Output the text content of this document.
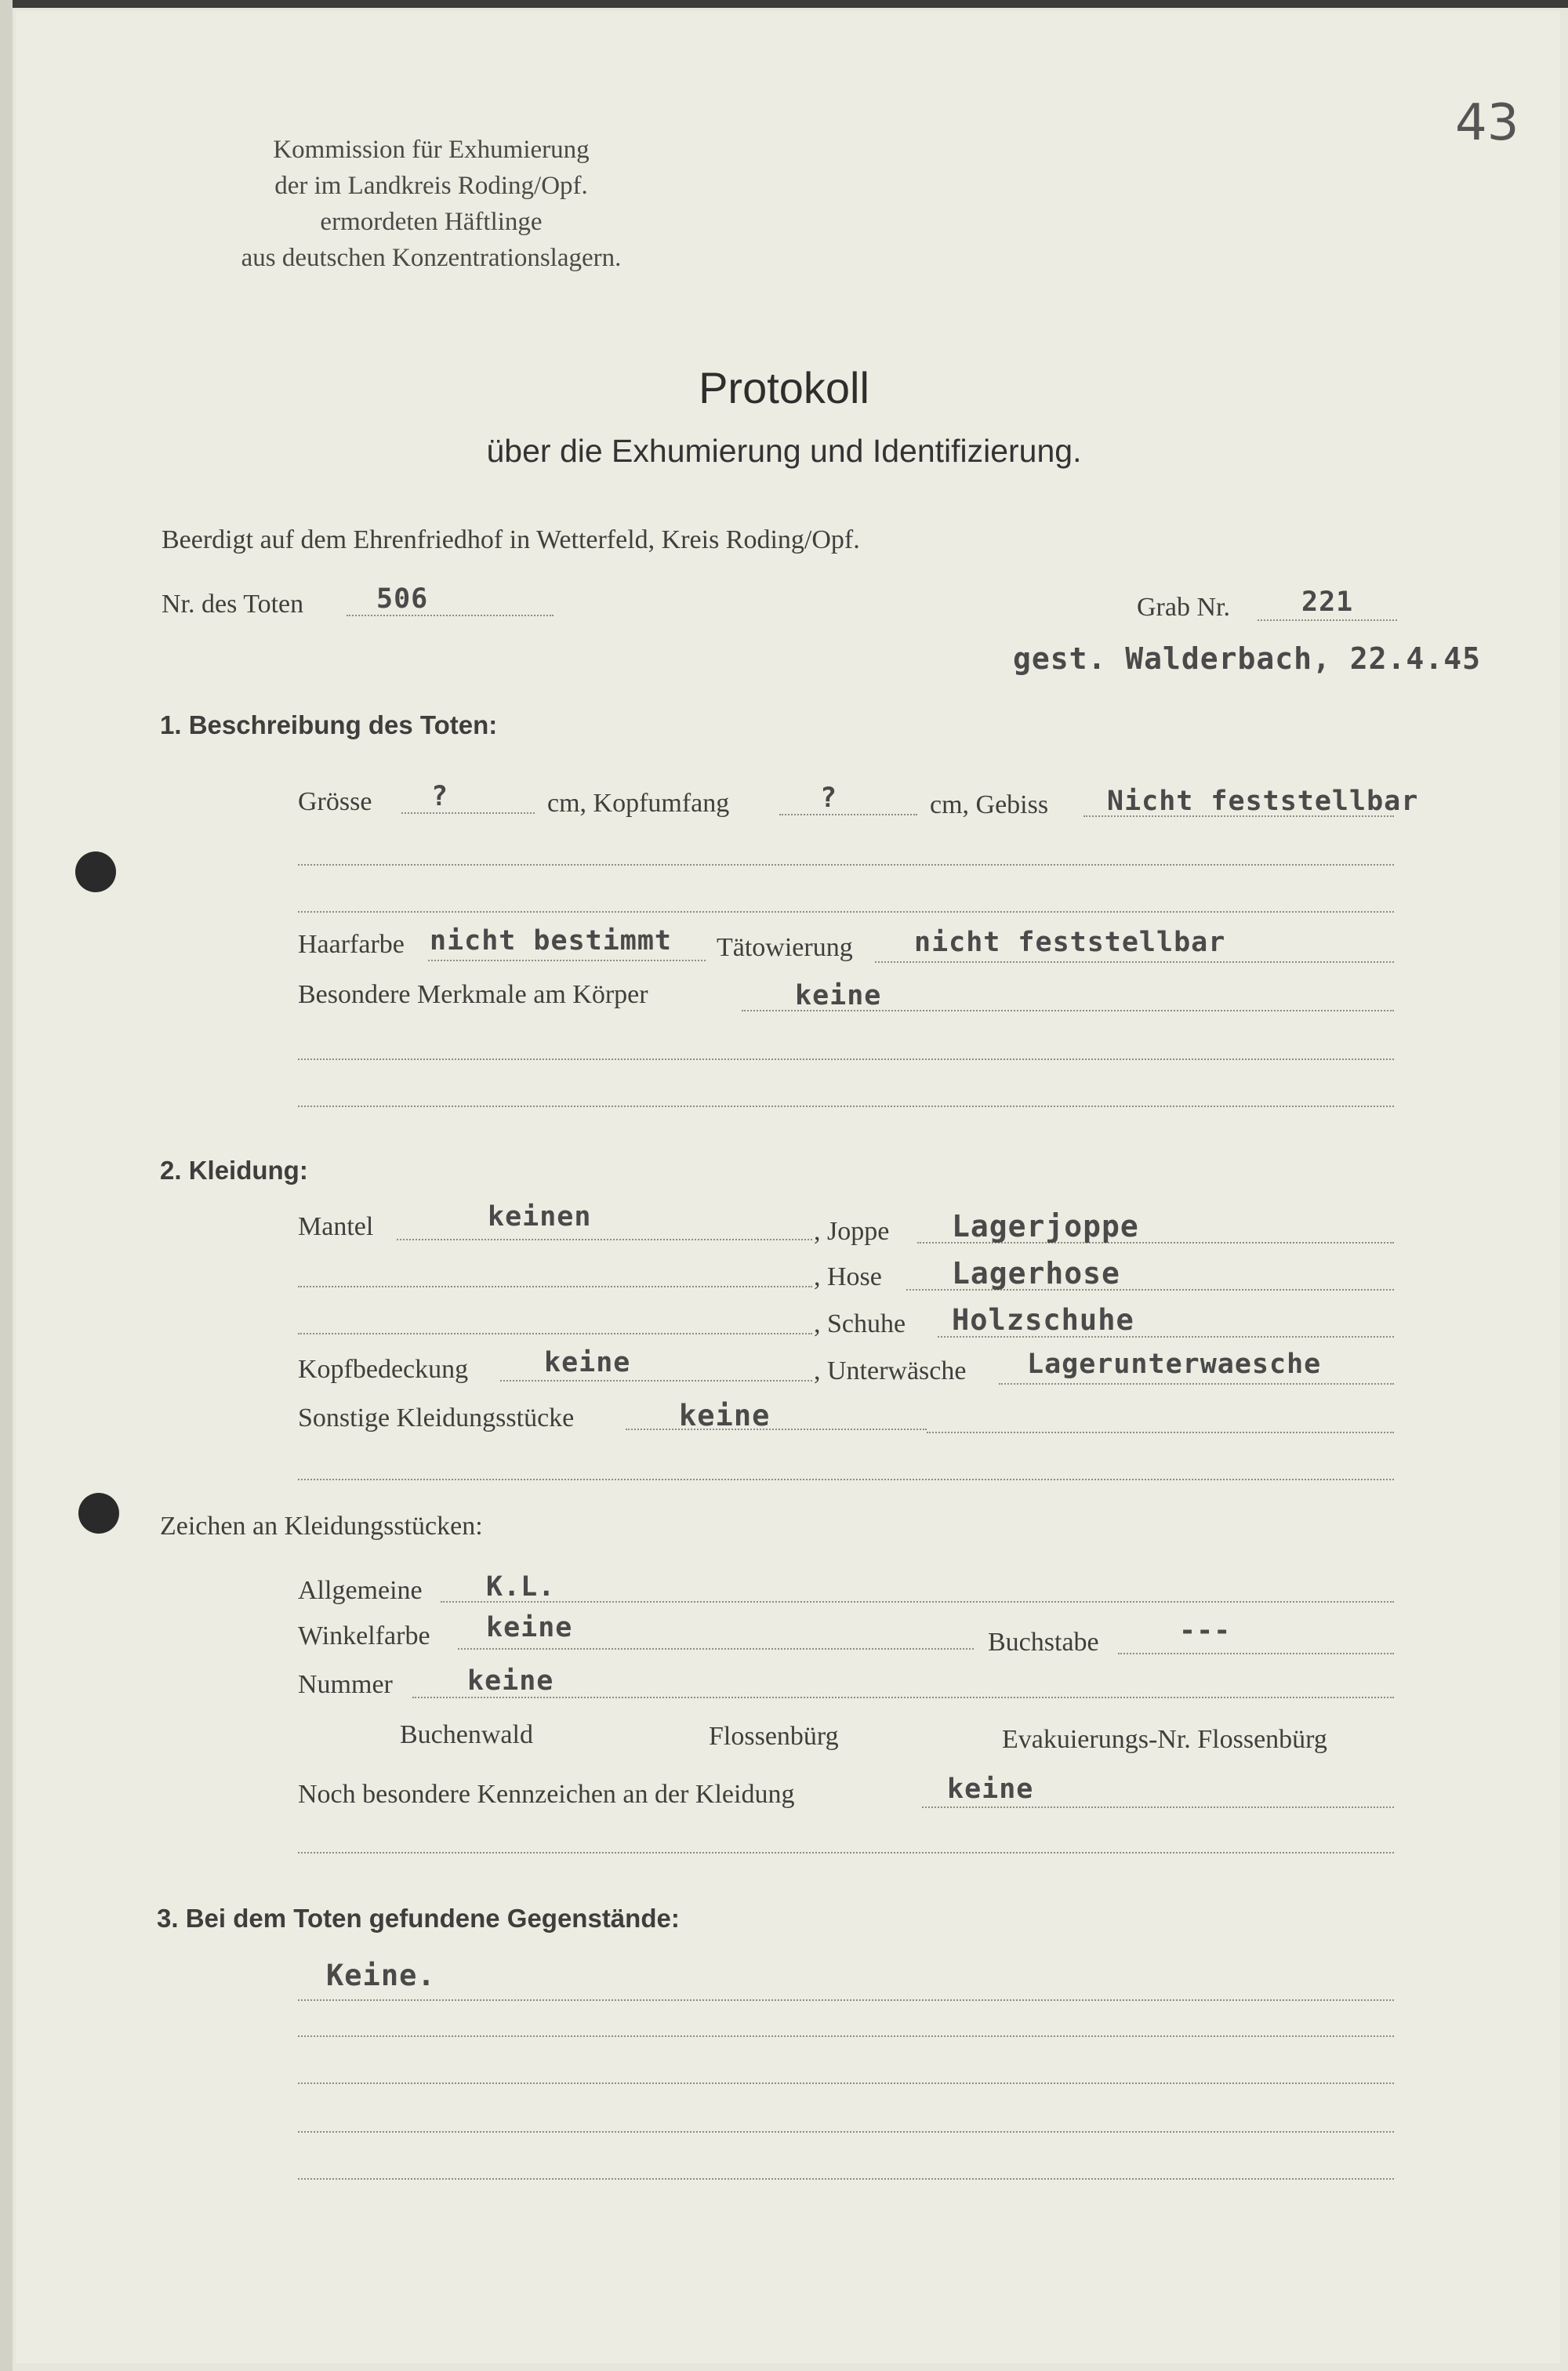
Kommission für Exhumierung
der im Landkreis Roding/Opf.
ermordeten Häftlinge
aus deutschen Konzentrationslagern.
43
Protokoll
über die Exhumierung und Identifizierung.
Beerdigt auf dem Ehrenfriedhof in Wetterfeld, Kreis Roding/Opf.
Nr. des Toten	506	Grab Nr.	221
gest. Walderbach, 22.4.45
1. Beschreibung des Toten:
Grösse ?	cm, Kopfumfang	?	cm, Gebiss Nicht feststellbar
Haarfarbe nicht bestimmt Tätowierung nicht feststellbar
Besondere Merkmale am Körper	keine
2. Kleidung:
Mantel	keinen	, Joppe Lagerjoppe
, Hose Lagerhose
, Schuhe Holzschuhe
Kopfbedeckung	keine	, Unterwäsche Lagerunterwaesche
Sonstige Kleidungsstücke	keine
Zeichen an Kleidungsstücken:
Allgemeine K.L.
Winkelfarbe keine	Buchstabe	---
Nummer	keine
Buchenwald	Flossenbürg	Evakuierungs-Nr. Flossenbürg
Noch besondere Kennzeichen an der Kleidung	keine
3. Bei dem Toten gefundene Gegenstände:
Keine.
